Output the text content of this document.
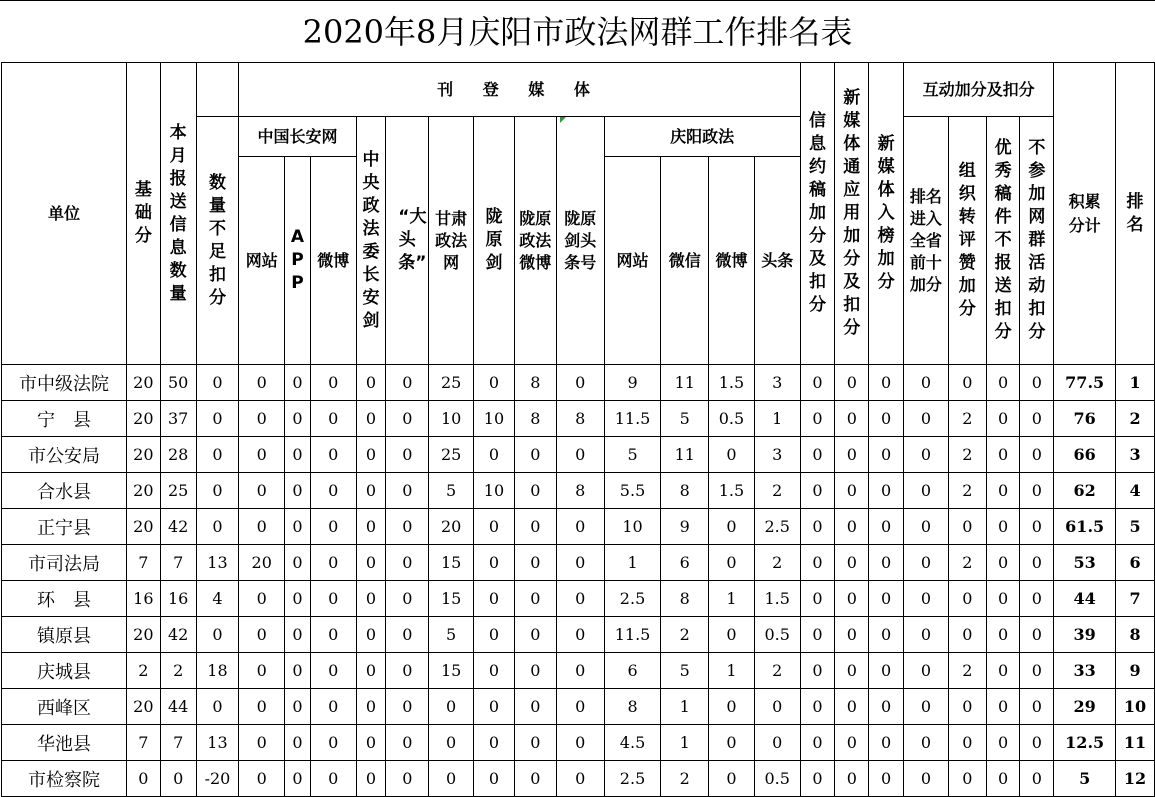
2020年8月庆阳市政法网群工作排名表
单位	基础分	本月报送信息数量		刊 登 媒 体													信息约稿加分及扣分	新媒体通应用加分及扣分	新媒体入榜加分	互动加分及扣分				积累分计	排名
			数量不足扣分	中国长安网			中央政法委长安剑	“大头条”	甘肃政法网	陇原剑	陇原政法微博	陇原剑头条号	庆阳政法							排名进入全省前十加分	组织转评赞加分	优秀稿件不报送扣分	不参加网群活动扣分		
				网站	APP	微博							网站	微信	微博	头条									
市中级法院	20	50	0	0	0	0	0	0	25	0	8	0	9	11	1.5	3	0	0	0	0	0	0	0	77.5	1
宁　县	20	37	0	0	0	0	0	0	10	10	8	8	11.5	5	0.5	1	0	0	0	0	2	0	0	76	2
市公安局	20	28	0	0	0	0	0	0	25	0	0	0	5	11	0	3	0	0	0	0	2	0	0	66	3
合水县	20	25	0	0	0	0	0	0	5	10	0	8	5.5	8	1.5	2	0	0	0	0	2	0	0	62	4
正宁县	20	42	0	0	0	0	0	0	20	0	0	0	10	9	0	2.5	0	0	0	0	0	0	0	61.5	5
市司法局	7	7	13	20	0	0	0	0	15	0	0	0	1	6	0	2	0	0	0	0	2	0	0	53	6
环　县	16	16	4	0	0	0	0	0	15	0	0	0	2.5	8	1	1.5	0	0	0	0	0	0	0	44	7
镇原县	20	42	0	0	0	0	0	0	5	0	0	0	11.5	2	0	0.5	0	0	0	0	0	0	0	39	8
庆城县	2	2	18	0	0	0	0	0	15	0	0	0	6	5	1	2	0	0	0	0	2	0	0	33	9
西峰区	20	44	0	0	0	0	0	0	0	0	0	0	8	1	0	0	0	0	0	0	0	0	0	29	10
华池县	7	7	13	0	0	0	0	0	0	0	0	0	4.5	1	0	0	0	0	0	0	0	0	0	12.5	11
市检察院	0	0	-20	0	0	0	0	0	0	0	0	0	2.5	2	0	0.5	0	0	0	0	0	0	0	5	12
